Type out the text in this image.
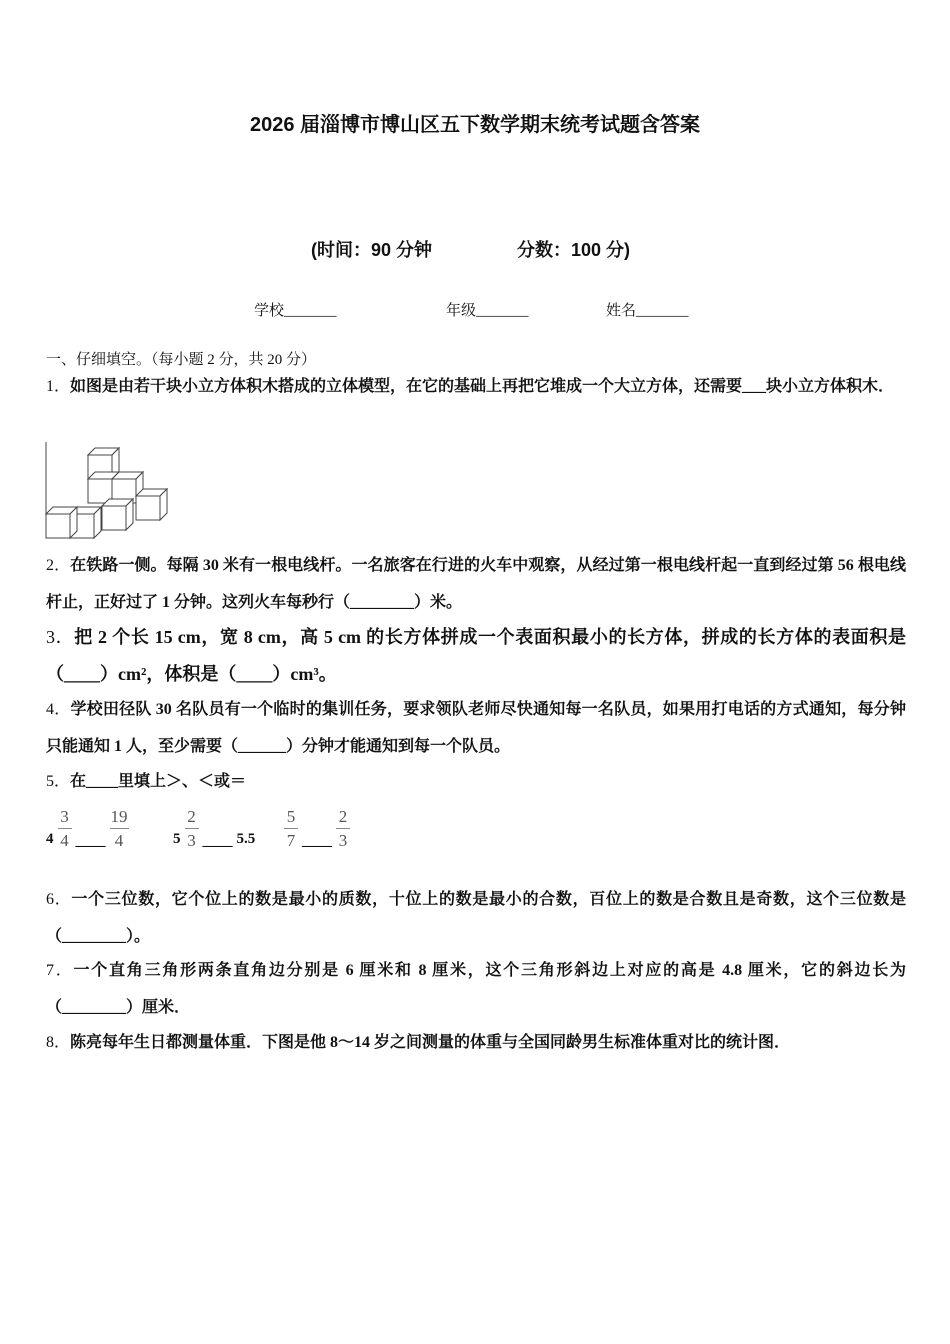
2026 届淄博市博山区五下数学期末统考试题含答案
(时间：90 分钟	分数：100 分)
学校_______	年级_______	姓名_______
一、仔细填空。（每小题 2 分，共 20 分）
1．如图是由若干块小立方体积木搭成的立体模型，在它的基础上再把它堆成一个大立方体，还需要___块小立方体积木．
2．在铁路一侧。每隔 30 米有一根电线杆。一名旅客在行进的火车中观察，从经过第一根电线杆起一直到经过第 56 根电线杆止，正好过了 1 分钟。这列火车每秒行（________）米。
3．把 2 个长 15 cm，宽 8 cm，高 5 cm 的长方体拼成一个表面积最小的长方体，拼成的长方体的表面积是（____）cm²，体积是（____）cm³。
4．学校田径队 30 名队员有一个临时的集训任务，要求领队老师尽快通知每一名队员，如果用打电话的方式通知，每分钟只能通知 1 人，至少需要（______）分钟才能通知到每一个队员。
5．在____里填上＞、＜或＝
$4 \frac{3}{4}$ ____ $\frac{19}{4}$	$5 \frac{2}{3}$ ____ $5.5 \frac{5}{7}$ ____ $\frac{2}{3}$
6．一个三位数，它个位上的数是最小的质数，十位上的数是最小的合数，百位上的数是合数且是奇数，这个三位数是（________）。
7．一个直角三角形两条直角边分别是 6 厘米和 8 厘米，这个三角形斜边上对应的高是 4.8 厘米，它的斜边长为（________）厘米．
8．陈亮每年生日都测量体重．下图是他 8～14 岁之间测量的体重与全国同龄男生标准体重对比的统计图．
